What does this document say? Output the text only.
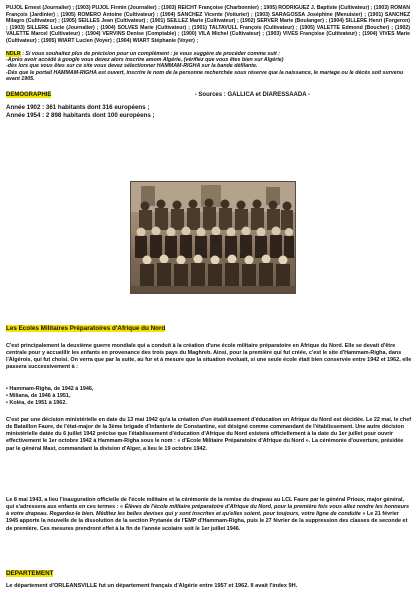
PUJOL Ernest (Journalier) ; (1903) PUJOL Firmin (Journalier) ; (1903) REICHT Françoise (Charbonnier) ; 1905) RODRIGUEZ J. Baptiste (Cultivateur) ; (1903) ROMAN François (Jardinier) ; (1905) ROMERO Antoine (Cultivateur) ; (1904) SANCHEZ Vicente (Voiturier) ; (1903) SARAGOSSA Joséphine (Menuisier) ; (1901) SANCHEZ Milagro (Cultivateur) ; (1905) SEILLES Jean (Cultivateur) ; (1901) SEILLEZ Marie (Cultivateur) ; (1902) SERVER Marie (Boulanger) ; (1904) SILLERE Henri (Forgeron) ; (1903) SILLERE Lucie (Journalier) ; (1904) SOLVES Marie (Cultivateur) ; (1901) TALTAVULL François (Cultivateur) ; (1905) VALETTE Edmond (Boucher) ; (1902) VALETTE Marcel (Cultivateur) ; (1904) VERVINS Denise (Comptable) ; (1900) VILA Michel (Cultivateur) ; (1903) VIVES Françoise (Cultivateur) ; (1904) VIVES Marie (Cultivateur) ; (1905) WIART Lucien (Voyer) ; (1904) WIART Stéphanie (Voyer) ;

NDLR : Si vous souhaitez plus de précision pour un complément : je vous suggère de procéder comme suit :
-Après avoir accédé à google vous devez alors inscrire amom Algérie, (vérifiez que vous êtes bien sur Algérie)
-dès lors que vous êtes sur ce site vous devez sélectionner HAMMAM-RIGHA sur la bande défilante.
-Dès que le portail HAMMAM-RIGHA est ouvert, inscrire le nom de la personne recherchée sous réserve que la naissance, le mariage ou le décès soit survenu avant 1905.
DEMOGRAPHIE	- Sources : GALLICA et DIARESSAADA -
Année 1902 : 361 habitants dont 316 européens ;
Année 1954 : 2 898 habitants dont 100 européens ;
Les Ecoles Militaires Préparatoires d'Afrique du Nord

C'est principalement la deuxième guerre mondiale qui a conduit à la création d'une école militaire préparatoire en Afrique du Nord. Elle se devait d'être centrale pour y accueillir les enfants en provenance des trois pays du Maghreb. Ainsi, pour la première qui fut créée, c'est le site d'Hammam-Righa, dans l'Algérois, qui fut choisi. On verra que par la suite, au fur et à mesure que la situation évoluait, si une seule école était bien conservée entre 1942 et 1962, elle passera successivement à :

• Hammam-Righa, de 1942 à 1946,
• Miliana, de 1946 à 1951,
• Koléa, de 1951 à 1962.

C'est par une décision ministérielle en date du 13 mai 1942 qu'a la création d'un établissement d'éducation en Afrique du Nord est décidée. Le 22 mai, le chef de Bataillon Faure, de l'état-major de la 3ème brigade d'infanterie de Constantine, est désigné comme commandant de l'établissement. Une autre décision ministérielle datée du 6 juillet 1942 précise que l'établissement d'éducation d'Afrique du Nord existera officiellement à la date du 1er juillet pour ouvrir effectivement le 1er octobre 1942 à Hammam-Righa sous le nom : « d'Ecole Militaire Préparatoire d'Afrique du Nord ». La cérémonie d'ouverture, présidée par le général Mast, commandant la division d'Alger, a lieu le 19 octobre 1942.

Le 8 mai 1943, a lieu l'inauguration officielle de l'école militaire et la cérémonie de la remise du drapeau au LCL Faure par le général Prioux, major général, qui s'adressera aux enfants en ces termes : « Élèves de l'école militaire préparatoire d'Afrique du Nord, pour la première fois vous allez rendre les honneurs à votre drapeau. Regardez-le bien. Méditez les belles devises qui y sont inscrites et qu'elles soient, pour toujours, votre ligne de conduite » Le 21 février 1945 apporte la nouvelle de la dissolution de la section Prytanée de l'EMP d'Hammam-Righa, puis le 27 février de la suppression des classes de seconde et de première. Ces mesures prendront effet à la fin de l'année scolaire soit le 1er juillet 1946.

DEPARTEMENT
Le département d'ORLEANSVILLE fut un département français d'Algérie entre 1957 et 1962. Il avait l'index 9H.
